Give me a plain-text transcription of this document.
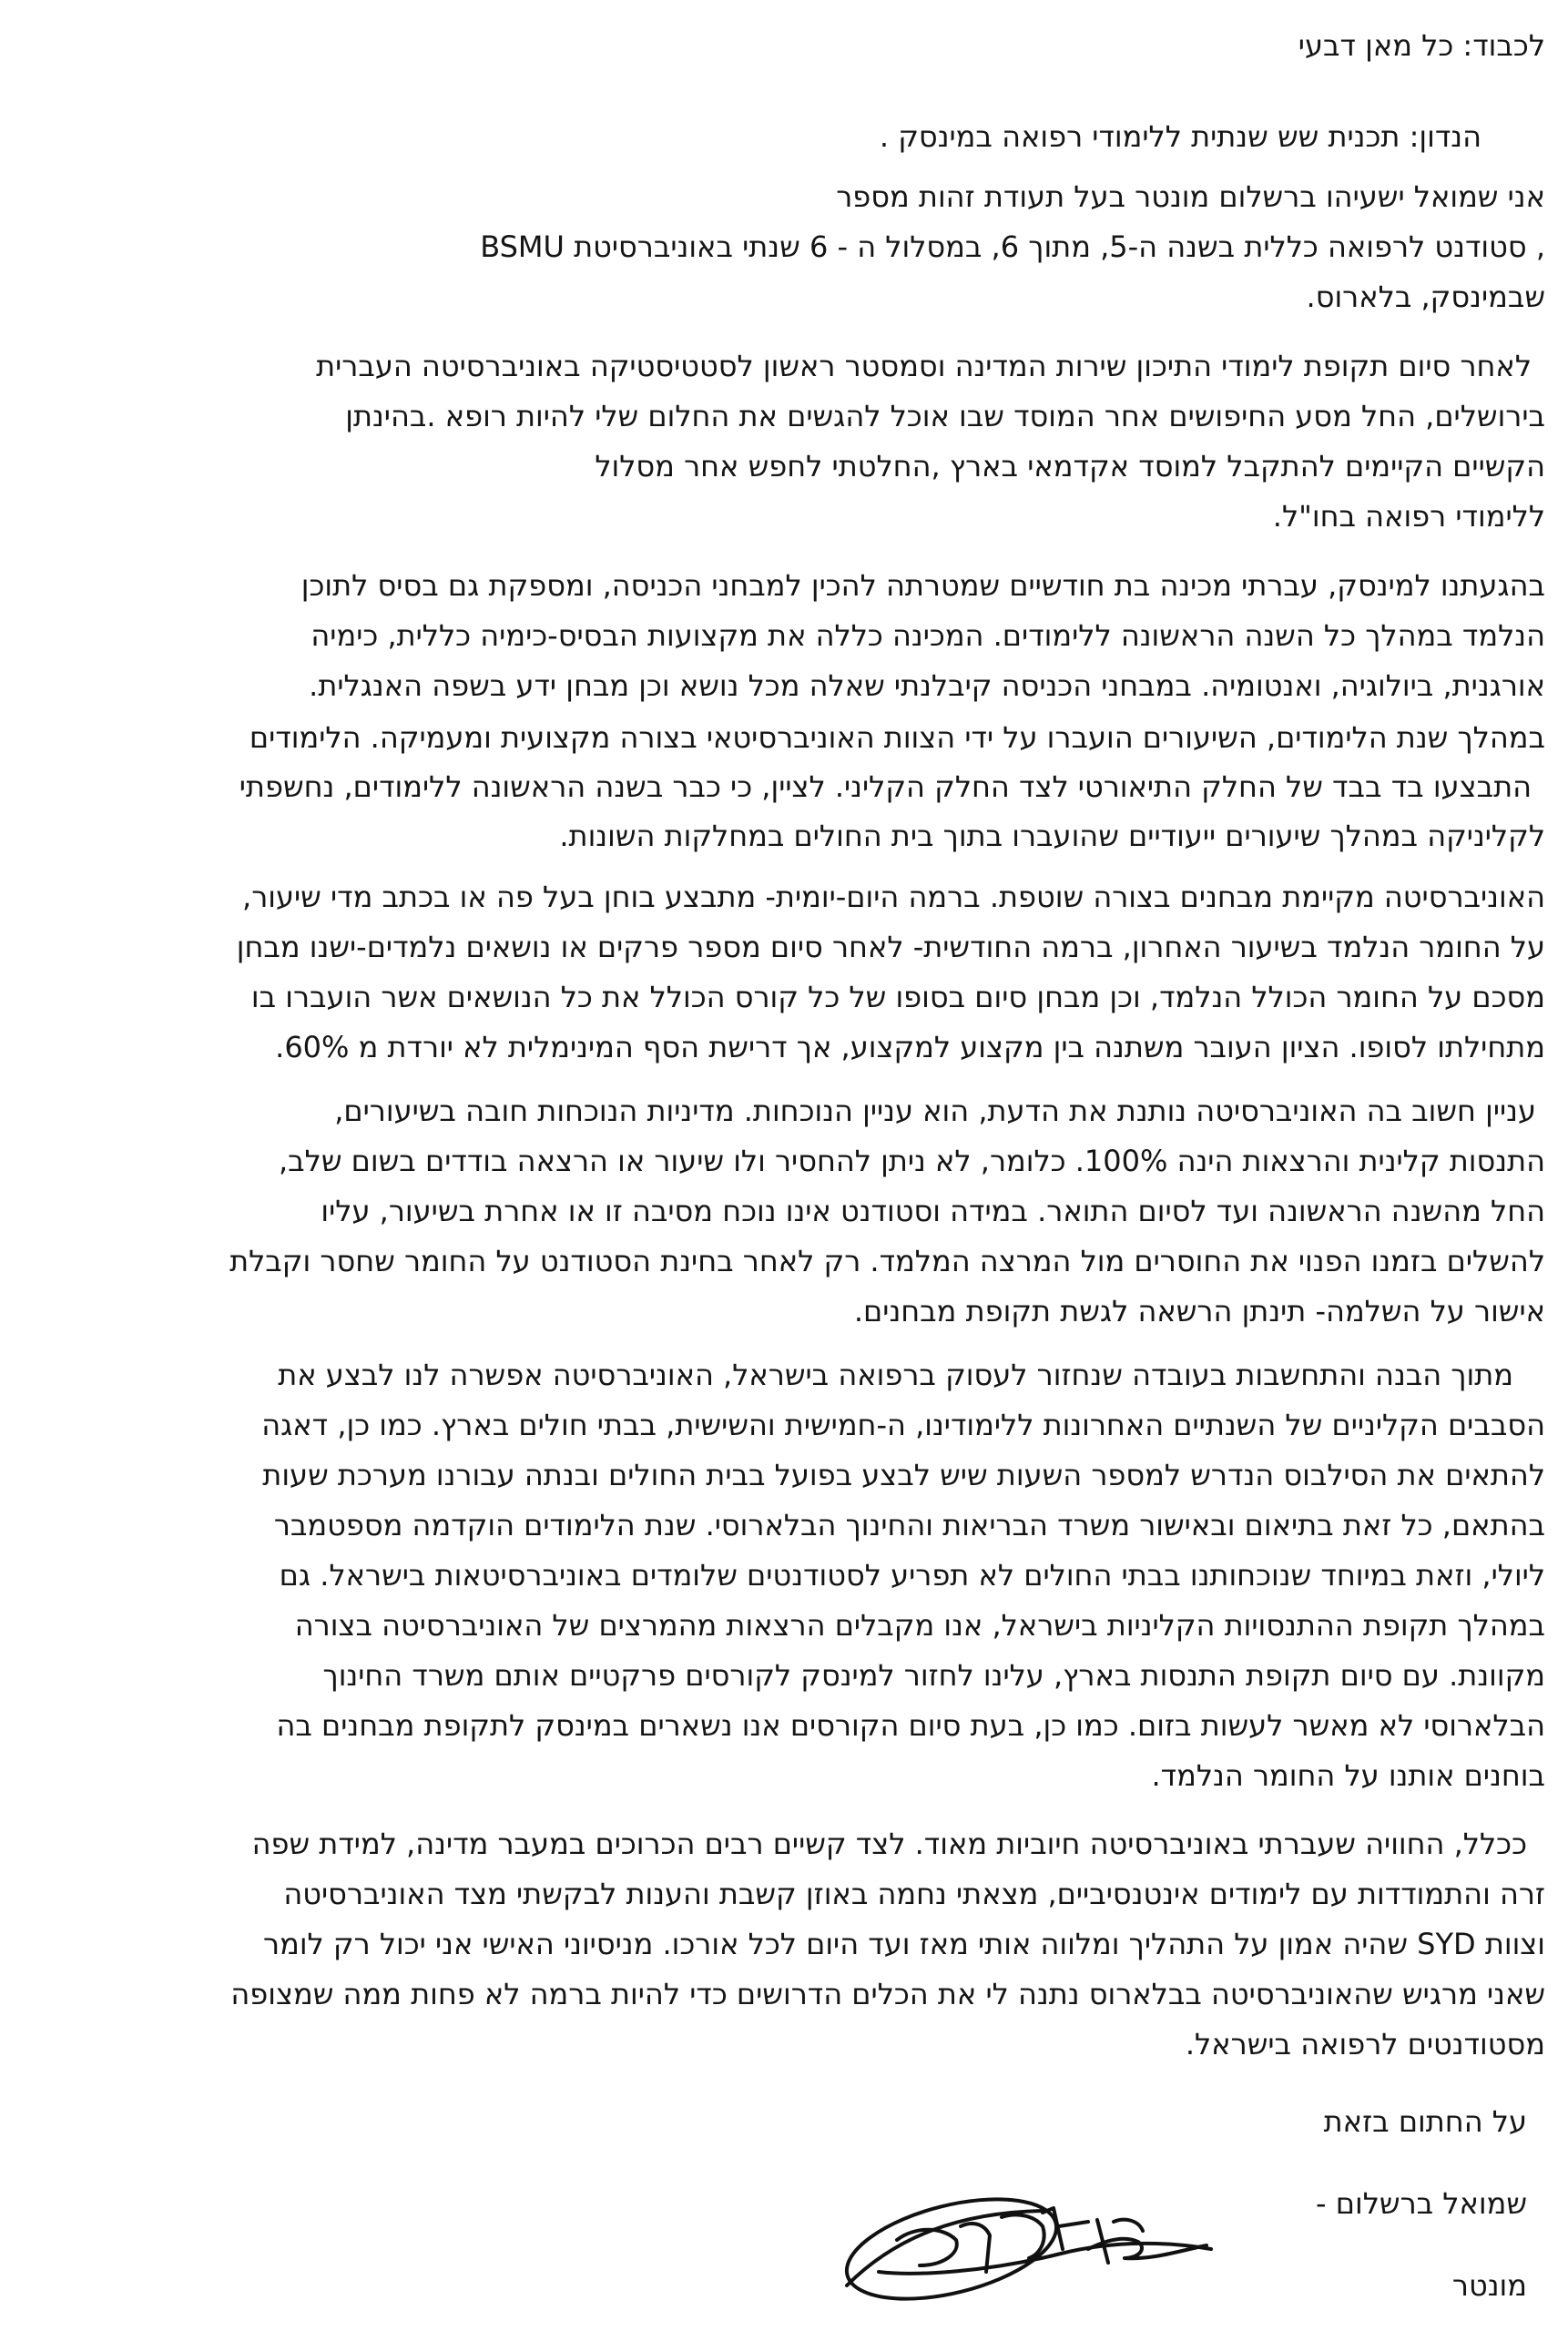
לכבוד: כל מאן דבעי

הנדון: תכנית שש שנתית ללימודי רפואה במינסק .

אני שמואל ישעיהו ברשלום מונטר בעל תעודת זהות מספר

, סטודנט לרפואה כללית בשנה ה-5, מתוך 6, במסלול ה - 6 שנתי באוניברסיטת BSMU

שבמינסק, בלארוס.

לאחר סיום תקופת לימודי התיכון שירות המדינה וסמסטר ראשון לסטטיסטיקה באוניברסיטה העברית

בירושלים, החל מסע החיפושים אחר המוסד שבו אוכל להגשים את החלום שלי להיות רופא .בהינתן

הקשיים הקיימים להתקבל למוסד אקדמאי בארץ ,החלטתי לחפש אחר מסלול

ללימודי רפואה בחו"ל.

בהגעתנו למינסק, עברתי מכינה בת חודשיים שמטרתה להכין למבחני הכניסה, ומספקת גם בסיס לתוכן

הנלמד במהלך כל השנה הראשונה ללימודים. המכינה כללה את מקצועות הבסיס-כימיה כללית, כימיה

אורגנית, ביולוגיה, ואנטומיה. במבחני הכניסה קיבלנתי שאלה מכל נושא וכן מבחן ידע בשפה האנגלית.

במהלך שנת הלימודים, השיעורים הועברו על ידי הצוות האוניברסיטאי בצורה מקצועית ומעמיקה. הלימודים

התבצעו בד בבד של החלק התיאורטי לצד החלק הקליני. לציין, כי כבר בשנה הראשונה ללימודים, נחשפתי

לקליניקה במהלך שיעורים ייעודיים שהועברו בתוך בית החולים במחלקות השונות.

האוניברסיטה מקיימת מבחנים בצורה שוטפת. ברמה היום-יומית- מתבצע בוחן בעל פה או בכתב מדי שיעור,

על החומר הנלמד בשיעור האחרון, ברמה החודשית- לאחר סיום מספר פרקים או נושאים נלמדים-ישנו מבחן

מסכם על החומר הכולל הנלמד, וכן מבחן סיום בסופו של כל קורס הכולל את כל הנושאים אשר הועברו בו

מתחילתו לסופו. הציון העובר משתנה בין מקצוע למקצוע, אך דרישת הסף המינימלית לא יורדת מ 60%.

עניין חשוב בה האוניברסיטה נותנת את הדעת, הוא עניין הנוכחות. מדיניות הנוכחות חובה בשיעורים,

התנסות קלינית והרצאות הינה 100%. כלומר, לא ניתן להחסיר ולו שיעור או הרצאה בודדים בשום שלב,

החל מהשנה הראשונה ועד לסיום התואר. במידה וסטודנט אינו נוכח מסיבה זו או אחרת בשיעור, עליו

להשלים בזמנו הפנוי את החוסרים מול המרצה המלמד. רק לאחר בחינת הסטודנט על החומר שחסר וקבלת

אישור על השלמה- תינתן הרשאה לגשת תקופת מבחנים.

מתוך הבנה והתחשבות בעובדה שנחזור לעסוק ברפואה בישראל, האוניברסיטה אפשרה לנו לבצע את

הסבבים הקליניים של השנתיים האחרונות ללימודינו, ה-חמישית והשישית, בבתי חולים בארץ. כמו כן, דאגה

להתאים את הסילבוס הנדרש למספר השעות שיש לבצע בפועל בבית החולים ובנתה עבורנו מערכת שעות

בהתאם, כל זאת בתיאום ובאישור משרד הבריאות והחינוך הבלארוסי. שנת הלימודים הוקדמה מספטמבר

ליולי, וזאת במיוחד שנוכחותנו בבתי החולים לא תפריע לסטודנטים שלומדים באוניברסיטאות בישראל. גם

במהלך תקופת ההתנסויות הקליניות בישראל, אנו מקבלים הרצאות מהמרצים של האוניברסיטה בצורה

מקוונת. עם סיום תקופת התנסות בארץ, עלינו לחזור למינסק לקורסים פרקטיים אותם משרד החינוך

הבלארוסי לא מאשר לעשות בזום. כמו כן, בעת סיום הקורסים אנו נשארים במינסק לתקופת מבחנים בה

בוחנים אותנו על החומר הנלמד.

ככלל, החוויה שעברתי באוניברסיטה חיוביות מאוד. לצד קשיים רבים הכרוכים במעבר מדינה, למידת שפה

זרה והתמודדות עם לימודים אינטנסיביים, מצאתי נחמה באוזן קשבת והענות לבקשתי מצד האוניברסיטה

וצוות SYD שהיה אמון על התהליך ומלווה אותי מאז ועד היום לכל אורכו. מניסיוני האישי אני יכול רק לומר

שאני מרגיש שהאוניברסיטה בבלארוס נתנה לי את הכלים הדרושים כדי להיות ברמה לא פחות ממה שמצופה

מסטודנטים לרפואה בישראל.

על החתום בזאת

שמואל ברשלום -

מונטר
